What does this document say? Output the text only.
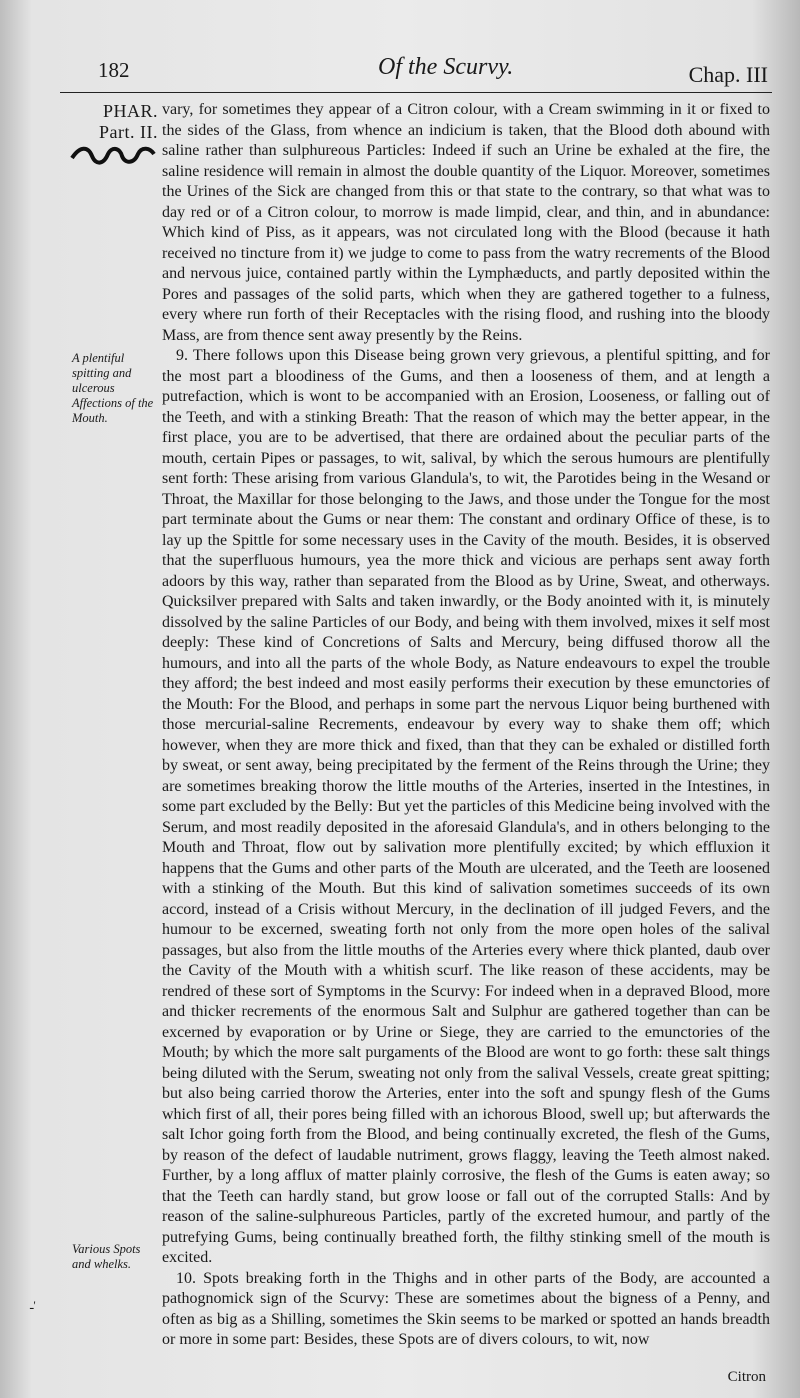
182	Of the Scurvy.	Chap. III
PHAR.
Part. II.
A plentiful spitting and ulcerous Affections of the Mouth.
Various Spots and whelks.
ـ'

vary, for sometimes they appear of a Citron colour, with a Cream swimming in it or fixed to the sides of the Glass, from whence an indicium is taken, that the Blood doth abound with saline rather than sulphureous Particles: Indeed if such an Urine be exhaled at the fire, the saline residence will remain in almost the double quantity of the Liquor. Moreover, sometimes the Urines of the Sick are changed from this or that state to the contrary, so that what was to day red or of a Citron colour, to morrow is made limpid, clear, and thin, and in abundance: Which kind of Piss, as it appears, was not circulated long with the Blood (because it hath received no tincture from it) we judge to come to pass from the watry recrements of the Blood and nervous juice, contained partly within the Lymphæducts, and partly deposited within the Pores and passages of the solid parts, which when they are gathered together to a fulness, every where run forth of their Receptacles with the rising flood, and rushing into the bloody Mass, are from thence sent away presently by the Reins.

9. There follows upon this Disease being grown very grievous, a plentiful spitting, and for the most part a bloodiness of the Gums, and then a looseness of them, and at length a putrefaction, which is wont to be accompanied with an Erosion, Looseness, or falling out of the Teeth, and with a stinking Breath: That the reason of which may the better appear, in the first place, you are to be advertised, that there are ordained about the peculiar parts of the mouth, certain Pipes or passages, to wit, salival, by which the serous humours are plentifully sent forth: These arising from various Glandula's, to wit, the Parotides being in the Wesand or Throat, the Maxillar for those belonging to the Jaws, and those under the Tongue for the most part terminate about the Gums or near them: The constant and ordinary Office of these, is to lay up the Spittle for some necessary uses in the Cavity of the mouth. Besides, it is observed that the superfluous humours, yea the more thick and vicious are perhaps sent away forth adoors by this way, rather than separated from the Blood as by Urine, Sweat, and otherways. Quicksilver prepared with Salts and taken inwardly, or the Body anointed with it, is minutely dissolved by the saline Particles of our Body, and being with them involved, mixes it self most deeply: These kind of Concretions of Salts and Mercury, being diffused thorow all the humours, and into all the parts of the whole Body, as Nature endeavours to expel the trouble they afford; the best indeed and most easily performs their execution by these emunctories of the Mouth: For the Blood, and perhaps in some part the nervous Liquor being burthened with those mercurial-saline Recrements, endeavour by every way to shake them off; which however, when they are more thick and fixed, than that they can be exhaled or distilled forth by sweat, or sent away, being precipitated by the ferment of the Reins through the Urine; they are sometimes breaking thorow the little mouths of the Arteries, inserted in the Intestines, in some part excluded by the Belly: But yet the particles of this Medicine being involved with the Serum, and most readily deposited in the aforesaid Glandula's, and in others belonging to the Mouth and Throat, flow out by salivation more plentifully excited; by which effluxion it happens that the Gums and other parts of the Mouth are ulcerated, and the Teeth are loosened with a stinking of the Mouth. But this kind of salivation sometimes succeeds of its own accord, instead of a Crisis without Mercury, in the declination of ill judged Fevers, and the humour to be excerned, sweating forth not only from the more open holes of the salival passages, but also from the little mouths of the Arteries every where thick planted, daub over the Cavity of the Mouth with a whitish scurf. The like reason of these accidents, may be rendred of these sort of Symptoms in the Scurvy: For indeed when in a depraved Blood, more and thicker recrements of the enormous Salt and Sulphur are gathered together than can be excerned by evaporation or by Urine or Siege, they are carried to the emunctories of the Mouth; by which the more salt purgaments of the Blood are wont to go forth: these salt things being diluted with the Serum, sweating not only from the salival Vessels, create great spitting; but also being carried thorow the Arteries, enter into the soft and spungy flesh of the Gums which first of all, their pores being filled with an ichorous Blood, swell up; but afterwards the salt Ichor going forth from the Blood, and being continually excreted, the flesh of the Gums, by reason of the defect of laudable nutriment, grows flaggy, leaving the Teeth almost naked. Further, by a long afflux of matter plainly corrosive, the flesh of the Gums is eaten away; so that the Teeth can hardly stand, but grow loose or fall out of the corrupted Stalls: And by reason of the saline-sulphureous Particles, partly of the excreted humour, and partly of the putrefying Gums, being continually breathed forth, the filthy stinking smell of the mouth is excited.

10. Spots breaking forth in the Thighs and in other parts of the Body, are accounted a pathognomick sign of the Scurvy: These are sometimes about the bigness of a Penny, and often as big as a Shilling, sometimes the Skin seems to be marked or spotted an hands breadth or more in some part: Besides, these Spots are of divers colours, to wit, now

Citron
